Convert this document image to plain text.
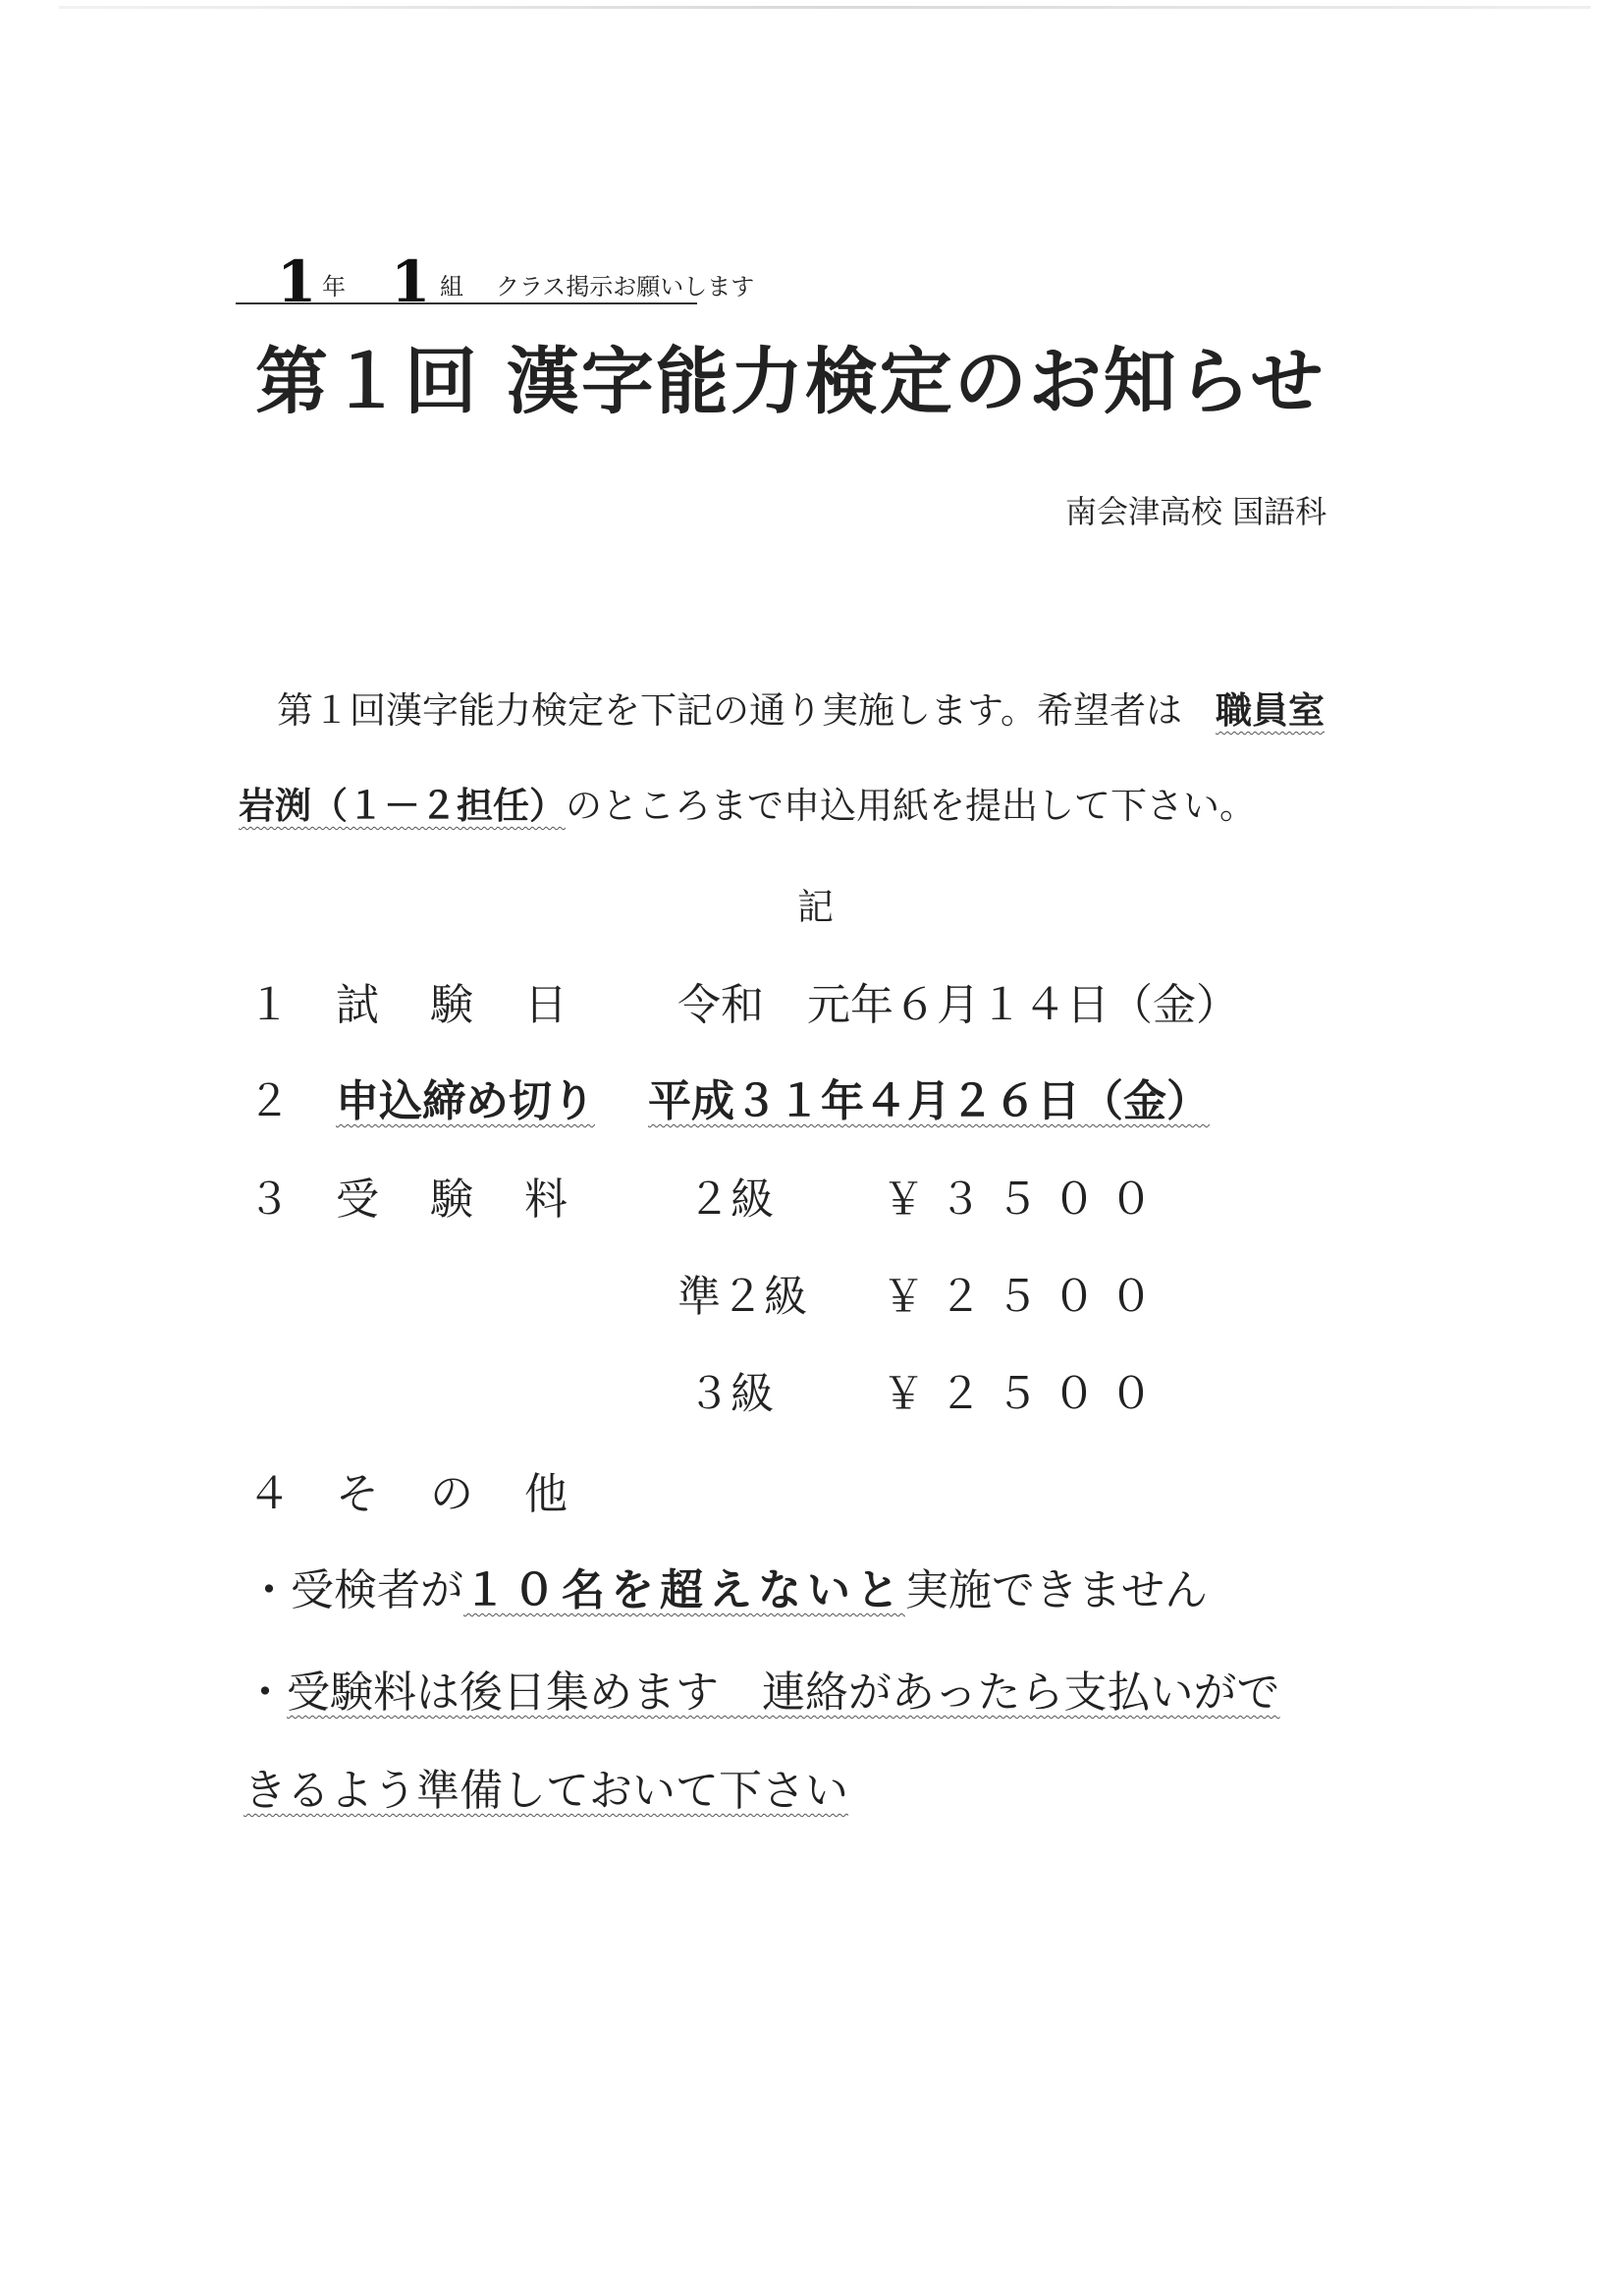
1 年 1 組 クラス掲示お願いします
第１回 漢字能力検定のお知らせ
南会津高校 国語科
第１回漢字能力検定を下記の通り実施します。希望者は 職員室
岩渕（１－２担任）のところまで申込用紙を提出して下さい。
記
１ 試験日 令和　元年６月１４日（金）
２ 申込締め切り 平成３１年４月２６日（金）
３ 受験料 ２級	￥３５００
準２級 ￥２５００
３級	￥２５００
４ その他
・受検者が１０名を超えないと実施できません
・受験料は後日集めます　連絡があったら支払いがで
きるよう準備しておいて下さい
